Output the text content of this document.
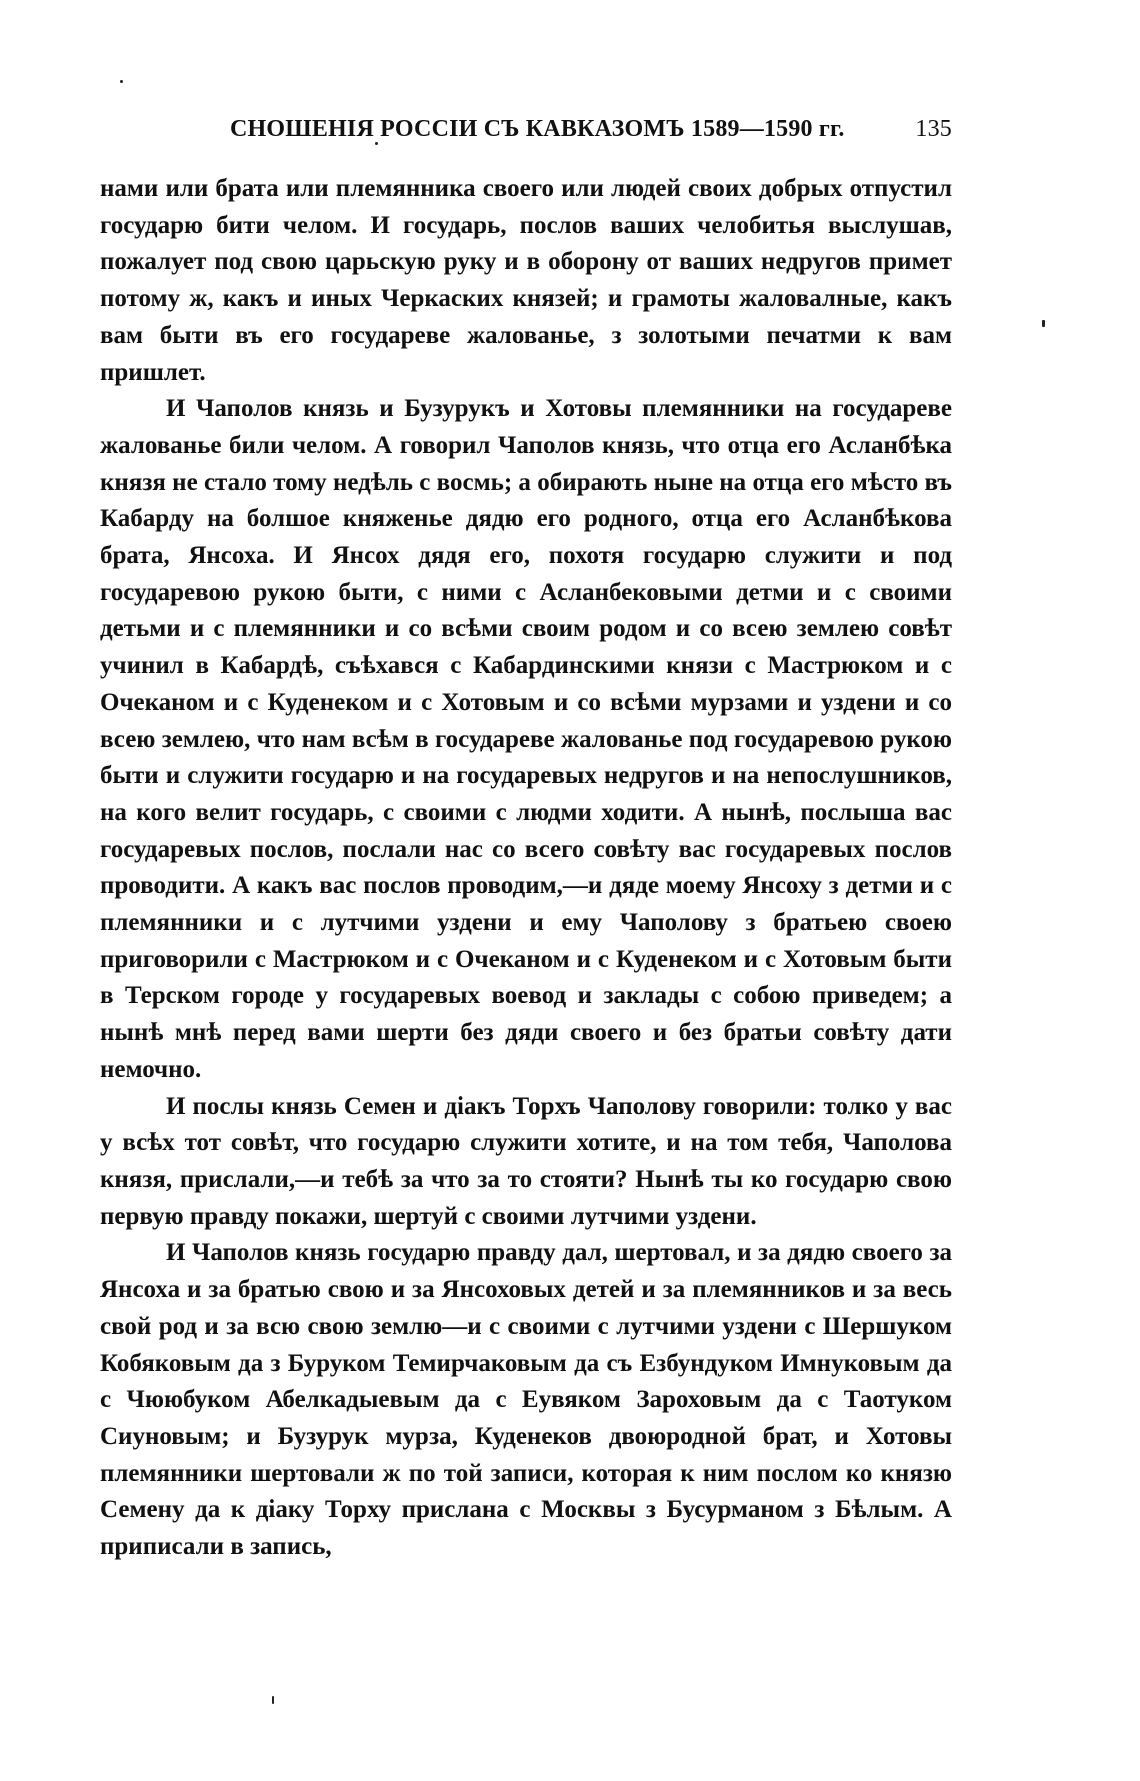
СНОШЕНІЯ РОССІИ СЪ КАВКАЗОМЪ 1589—1590 гг.	135

нами или брата или племянника своего или людей своих добрых отпустил государю бити челом. И государь, послов ваших челобитья выслушав, пожалует под свою царьскую руку и в оборону от ваших недругов примет потому ж, какъ и иных Черкаских князей; и грамоты жаловалные, какъ вам быти въ его государеве жалованье, з золотыми печатми к вам пришлет.

И Чаполов князь и Бузурукъ и Хотовы племянники на государеве жалованье били челом. А говорил Чаполов князь, что отца его Асланбѣка князя не стало тому недѣль с восмь; а обирають ныне на отца его мѣсто въ Кабарду на болшое княженье дядю его родного, отца его Асланбѣкова брата, Янсоха. И Янсох дядя его, похотя государю служити и под государевою рукою быти, с ними с Асланбековыми детми и с своими детьми и с племянники и со всѣми своим родом и со всею землею совѣт учинил в Кабардѣ, съѣхався с Кабардинскими князи с Мастрюком и с Очеканом и с Куденеком и с Хотовым и со всѣми мурзами и уздени и со всею землею, что нам всѣм в государеве жалованье под государевою рукою быти и служити государю и на государевых недругов и на непослушников, на кого велит государь, с своими с людми ходити. А нынѣ, послыша вас государевых послов, послали нас со всего совѣту вас государевых послов проводити. А какъ вас послов проводим,—и дяде моему Янсоху з детми и с племянники и с лутчими уздени и ему Чаполову з братьею своею приговорили с Мастрюком и с Очеканом и с Куденеком и с Хотовым быти в Терском городе у государевых воевод и заклады с собою приведем; а нынѣ мнѣ перед вами шерти без дяди своего и без братьи совѣту дати немочно.

И послы князь Семен и діакъ Торхъ Чаполову говорили: толко у вас у всѣх тот совѣт, что государю служити хотите, и на том тебя, Чаполова князя, прислали,—и тебѣ за что за то стояти? Нынѣ ты ко государю свою первую правду покажи, шертуй с своими лутчими уздени.

И Чаполов князь государю правду дал, шертовал, и за дядю своего за Янсоха и за братью свою и за Янсоховых детей и за племянников и за весь свой род и за всю свою землю—и с своими с лутчими уздени с Шершуком Кобяковым да з Буруком Темирчаковым да съ Езбундуком Имнуковым да с Чююбуком Абелкадыевым да с Еувяком Зароховым да с Таотуком Сиуновым; и Бузурук мурза, Куденеков двоюродной брат, и Хотовы племянники шертовали ж по той записи, которая к ним послом ко князю Семену да к діаку Торху прислана с Москвы з Бусурманом з Бѣлым. А приписали в запись,
